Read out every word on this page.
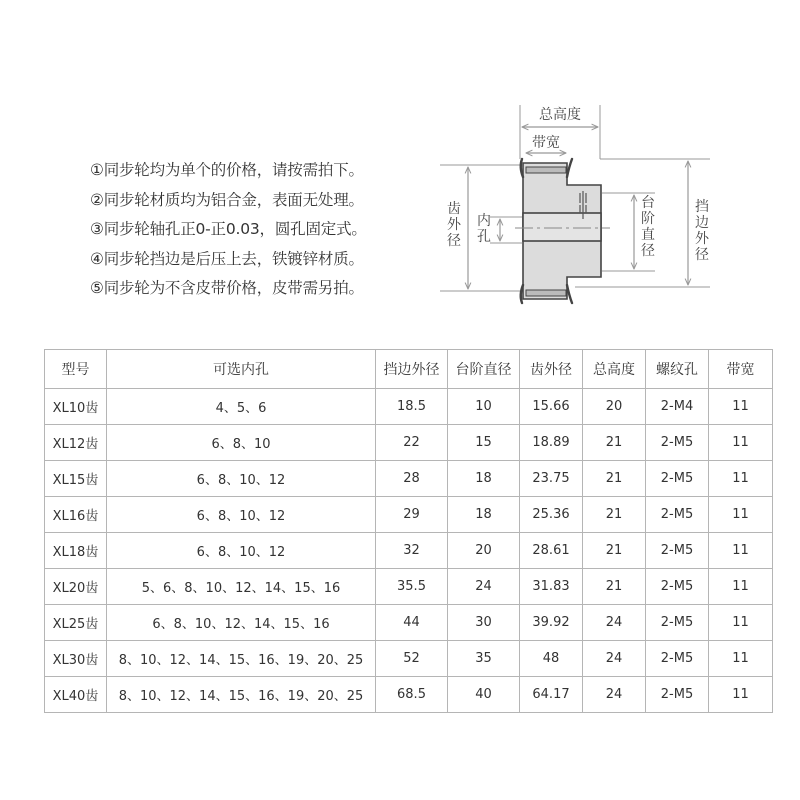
①同步轮均为单个的价格，请按需拍下。
②同步轮材质均为铝合金，表面无处理。
③同步轮轴孔正0-正0.03，圆孔固定式。
④同步轮挡边是后压上去，铁镀锌材质。
⑤同步轮为不含皮带价格，皮带需另拍。
总高度
带宽
齿
外
径
内
孔
台
阶
直
径
挡
边
外
径
型号	可选内孔	挡边外径	台阶直径	齿外径	总高度	螺纹孔	带宽
XL10齿	4、5、6	18.5	10	15.66	20	2-M4	11
XL12齿	6、8、10	22	15	18.89	21	2-M5	11
XL15齿	6、8、10、12	28	18	23.75	21	2-M5	11
XL16齿	6、8、10、12	29	18	25.36	21	2-M5	11
XL18齿	6、8、10、12	32	20	28.61	21	2-M5	11
XL20齿	5、6、8、10、12、14、15、16	35.5	24	31.83	21	2-M5	11
XL25齿	6、8、10、12、14、15、16	44	30	39.92	24	2-M5	11
XL30齿	8、10、12、14、15、16、19、20、25	52	35	48	24	2-M5	11
XL40齿	8、10、12、14、15、16、19、20、25	68.5	40	64.17	24	2-M5	11
